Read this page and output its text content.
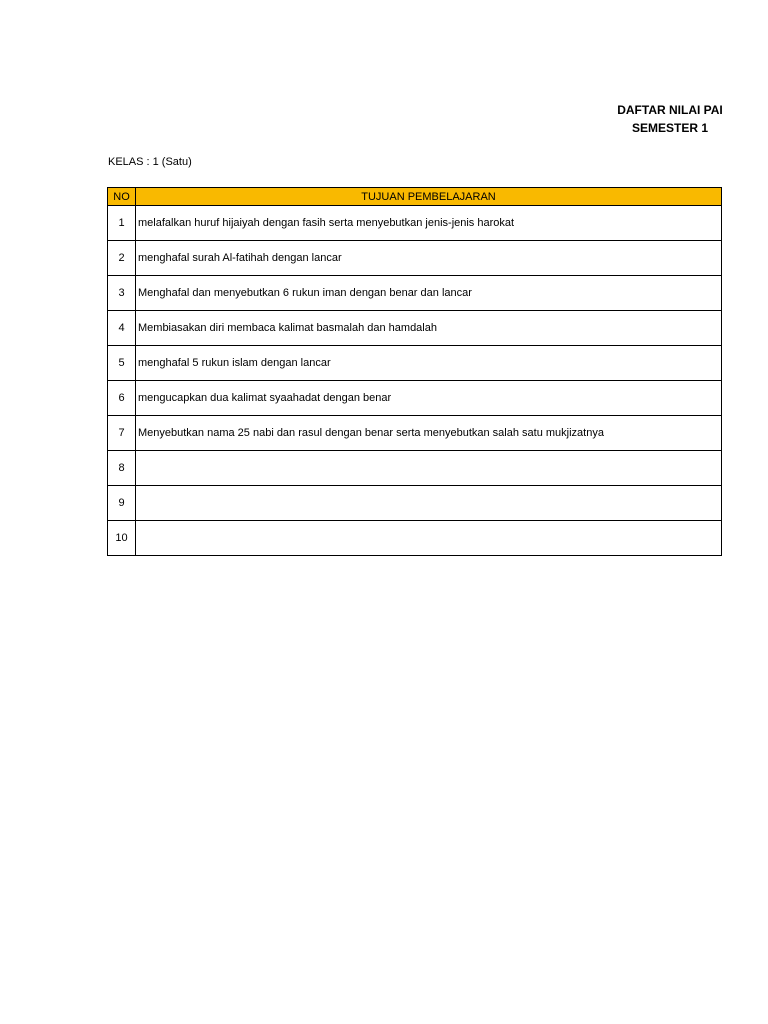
DAFTAR NILAI PAI
SEMESTER 1
KELAS : 1 (Satu)
NO	TUJUAN PEMBELAJARAN
1	melafalkan huruf hijaiyah dengan fasih serta menyebutkan jenis-jenis harokat
2	menghafal surah Al-fatihah dengan lancar
3	Menghafal dan menyebutkan 6 rukun iman dengan benar dan lancar
4	Membiasakan diri membaca kalimat basmalah dan hamdalah
5	menghafal 5 rukun islam dengan lancar
6	mengucapkan dua kalimat syaahadat dengan benar
7	Menyebutkan nama 25 nabi dan rasul dengan benar serta menyebutkan salah satu mukjizatnya
8	
9	
10	
